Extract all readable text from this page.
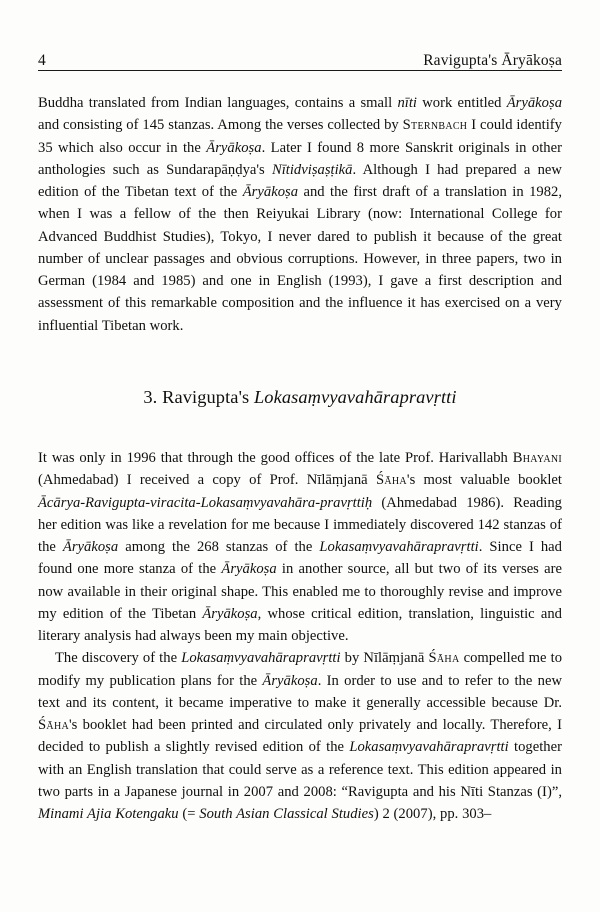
4	Ravigupta's Āryākoṣa

Buddha translated from Indian languages, contains a small nīti work entitled Āryākoṣa and consisting of 145 stanzas. Among the verses collected by Sternbach I could identify 35 which also occur in the Āryākoṣa. Later I found 8 more Sanskrit originals in other anthologies such as Sundarapāṇḍya's Nītidviṣaṣṭikā. Although I had prepared a new edition of the Tibetan text of the Āryākoṣa and the first draft of a translation in 1982, when I was a fellow of the then Reiyukai Library (now: International College for Advanced Buddhist Studies), Tokyo, I never dared to publish it because of the great number of unclear passages and obvious corruptions. However, in three papers, two in German (1984 and 1985) and one in English (1993), I gave a first description and assessment of this remarkable composition and the influence it has exercised on a very influential Tibetan work.

It was only in 1996 that through the good offices of the late Prof. Harivallabh Bhayani (Ahmedabad) I received a copy of Prof. Nīlāṃjanā Śāha's most valuable booklet Ācārya-Ravigupta-viracita-Lokasaṃvyavahāra-pravṛttiḥ (Ahmedabad 1986). Reading her edition was like a revelation for me because I immediately discovered 142 stanzas of the Āryākoṣa among the 268 stanzas of the Lokasaṃvyavahārapravṛtti. Since I had found one more stanza of the Āryākoṣa in another source, all but two of its verses are now available in their original shape. This enabled me to thoroughly revise and improve my edition of the Tibetan Āryākoṣa, whose critical edition, translation, linguistic and literary analysis had always been my main objective.

The discovery of the Lokasaṃvyavahārapravṛtti by Nīlāṃjanā Śāha compelled me to modify my publication plans for the Āryākoṣa. In order to use and to refer to the new text and its content, it became imperative to make it generally accessible because Dr. Śāha's booklet had been printed and circulated only privately and locally. Therefore, I decided to publish a slightly revised edition of the Lokasaṃvyavahārapravṛtti together with an English translation that could serve as a reference text. This edition appeared in two parts in a Japanese journal in 2007 and 2008: “Ravigupta and his Nīti Stanzas (I)”, Minami Ajia Kotengaku (= South Asian Classical Studies) 2 (2007), pp. 303–

3. Ravigupta's Lokasaṃvyavahārapravṛtti
